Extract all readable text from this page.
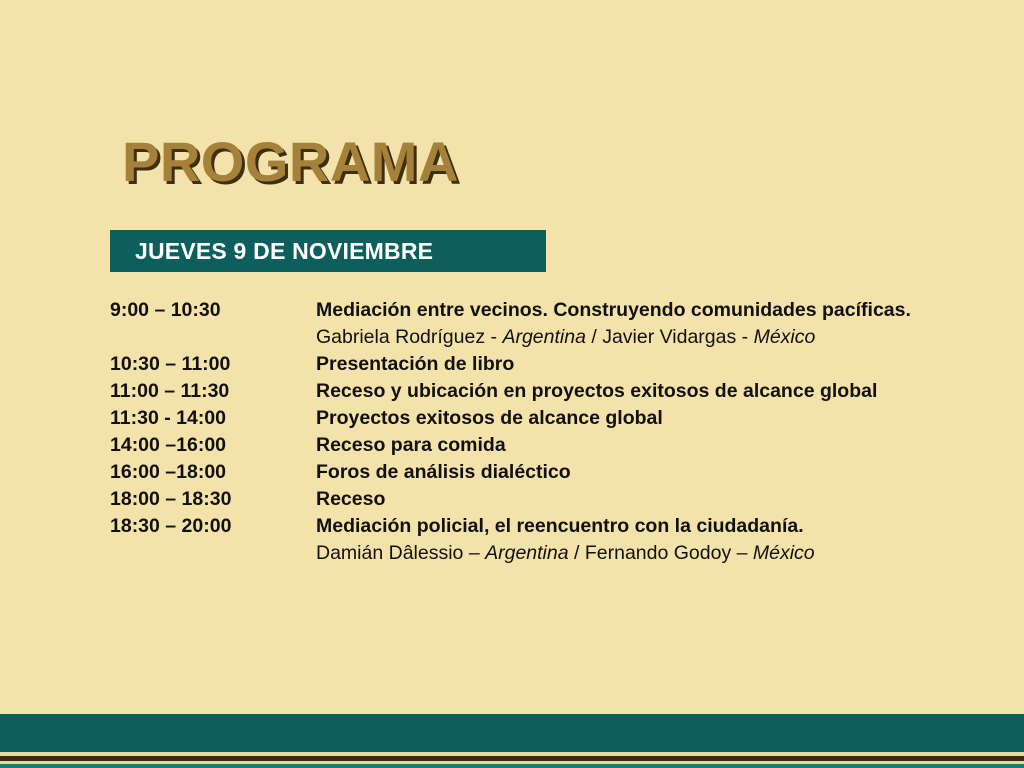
PROGRAMA
JUEVES 9 DE NOVIEMBRE
9:00 – 10:30	Mediación entre vecinos. Construyendo comunidades pacíficas. Gabriela Rodríguez - Argentina / Javier Vidargas - México
10:30 – 11:00	Presentación de libro
11:00 – 11:30	Receso y ubicación en proyectos exitosos de alcance global
11:30 - 14:00	Proyectos exitosos de alcance global
14:00 –16:00	Receso para comida
16:00 –18:00	Foros de análisis dialéctico
18:00 – 18:30	Receso
18:30 – 20:00	Mediación policial, el reencuentro con la ciudadanía.
Damián Dâlessio – Argentina / Fernando Godoy – México
